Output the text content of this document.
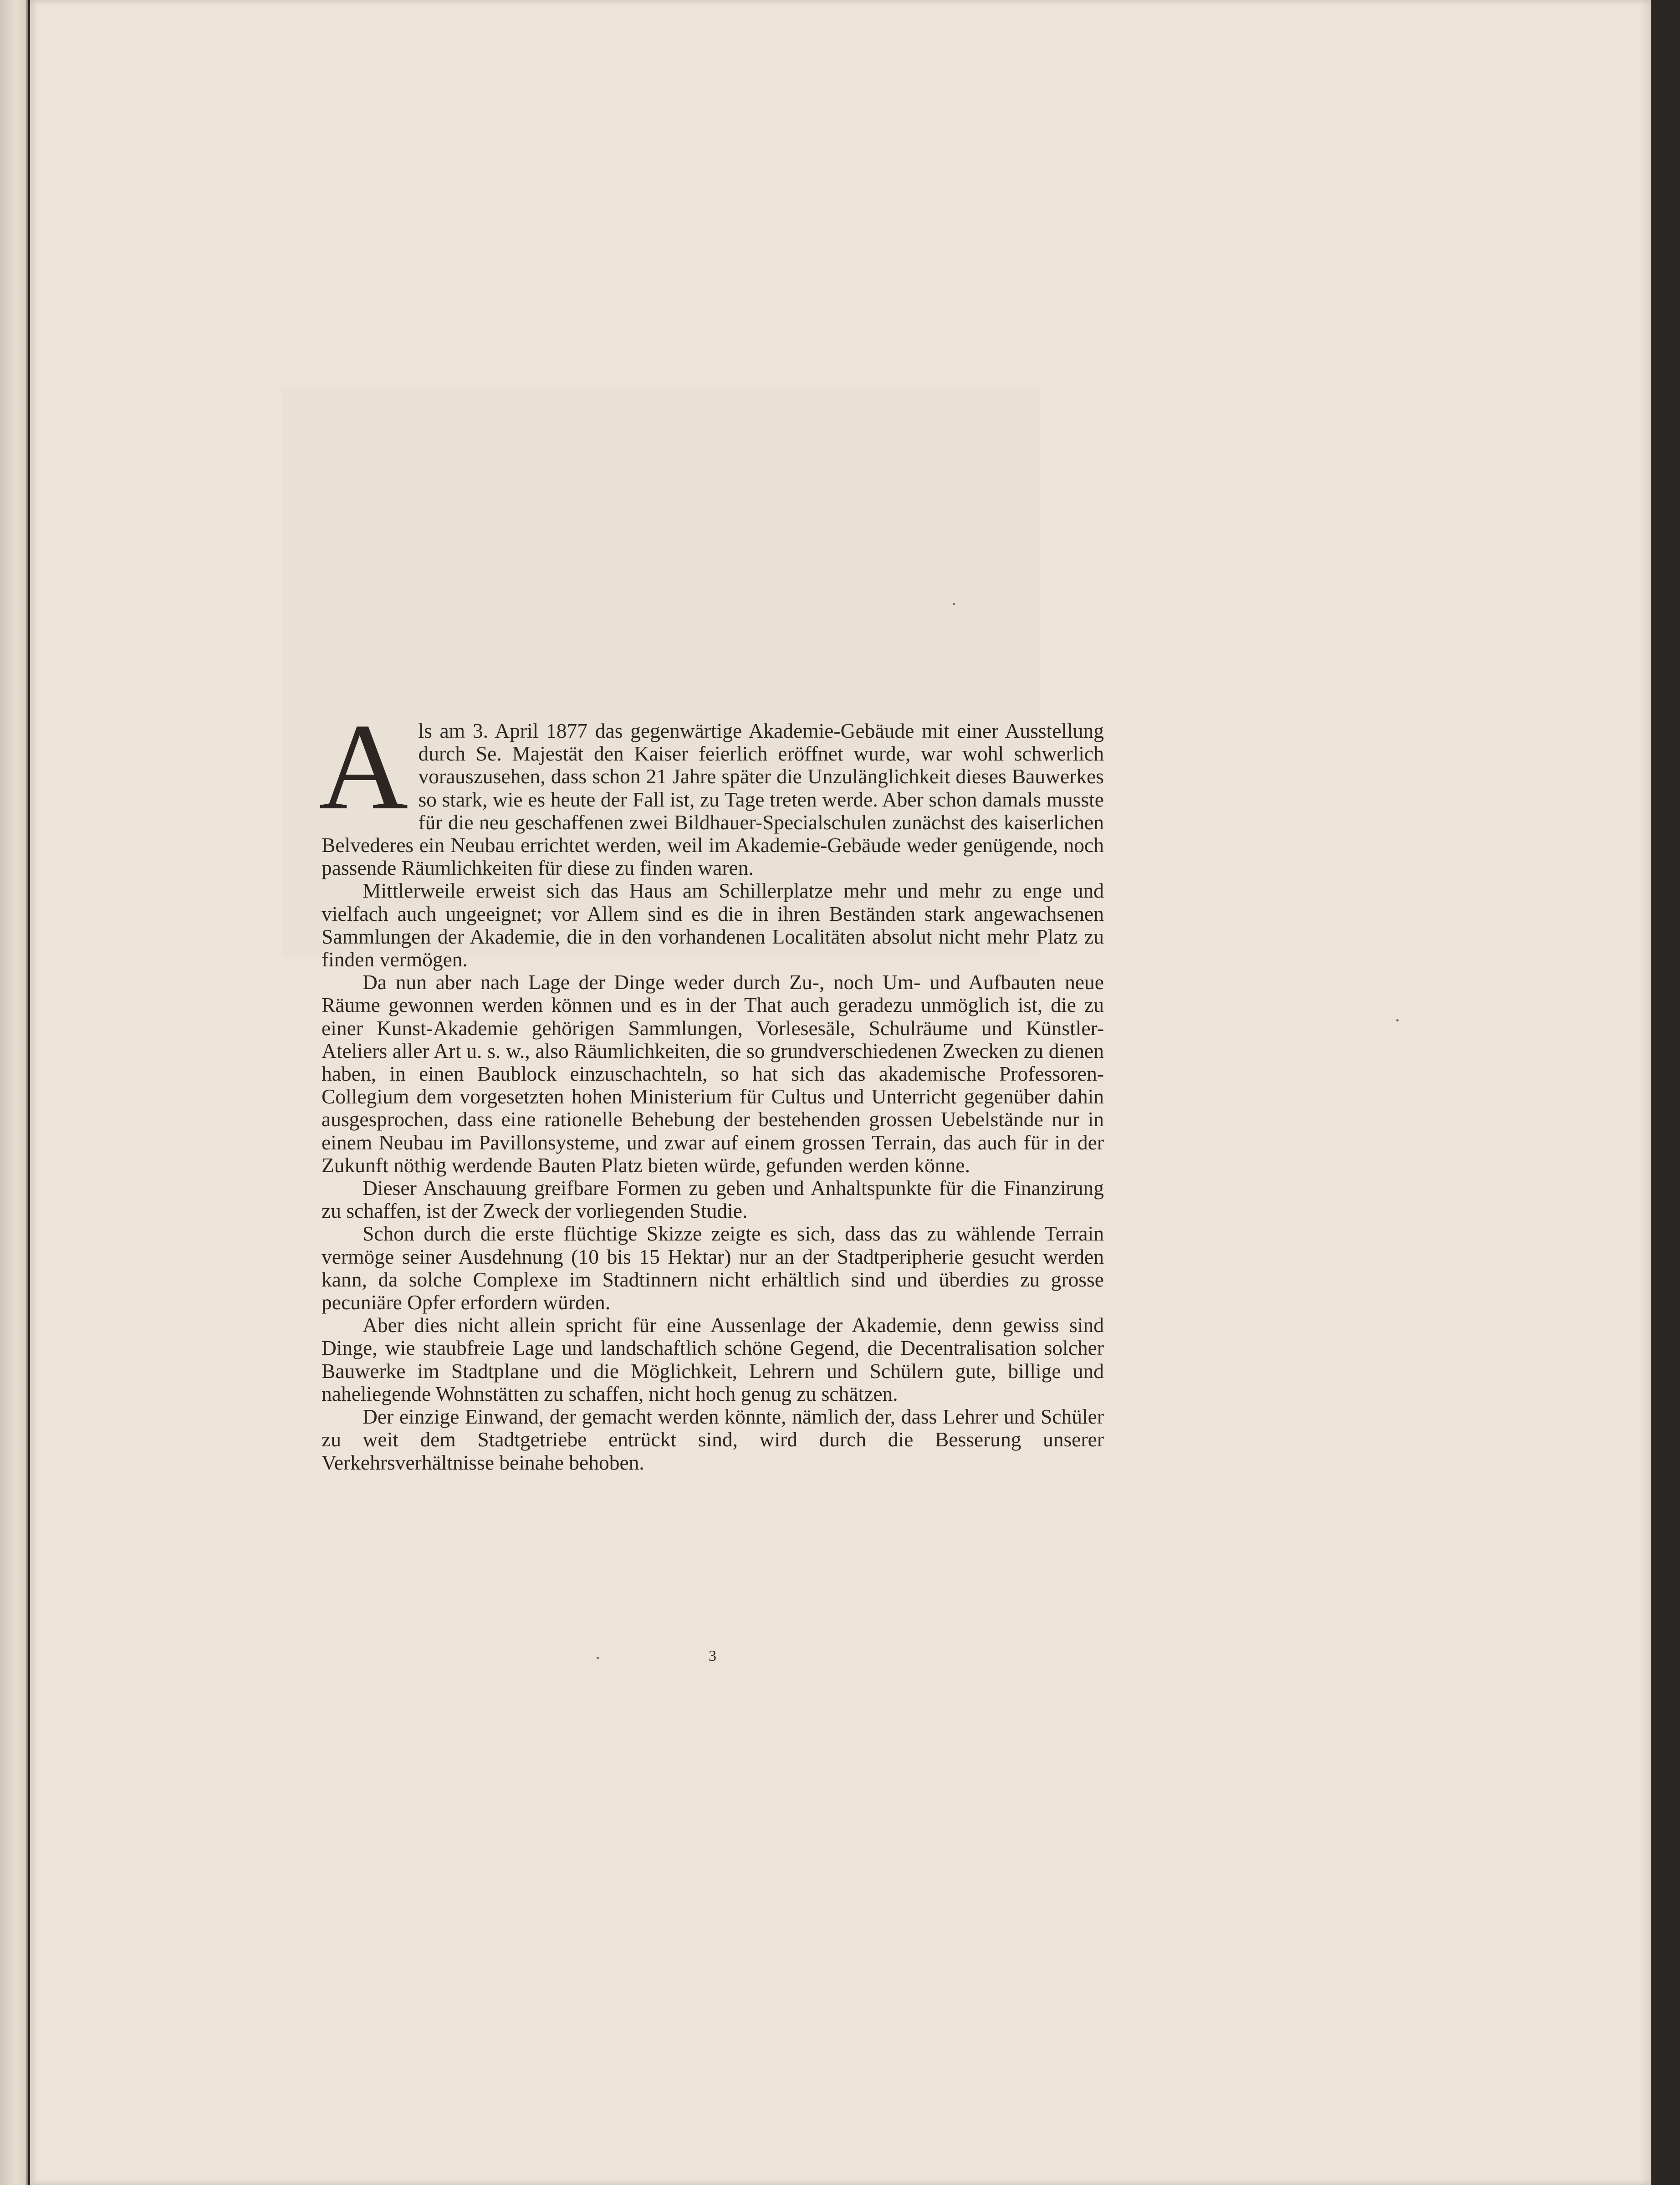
Als am 3. April 1877 das gegenwärtige Akademie-Gebäude mit einer Ausstellung durch Se. Majestät den Kaiser feierlich eröffnet wurde, war wohl schwerlich vorauszusehen, dass schon 21 Jahre später die Unzulänglichkeit dieses Bauwerkes so stark, wie es heute der Fall ist, zu Tage treten werde. Aber schon damals musste für die neu geschaffenen zwei Bildhauer-Specialschulen zunächst des kaiserlichen Belvederes ein Neubau errichtet werden, weil im Akademie-Gebäude weder genügende, noch passende Räumlichkeiten für diese zu finden waren.

Mittlerweile erweist sich das Haus am Schillerplatze mehr und mehr zu enge und vielfach auch ungeeignet; vor Allem sind es die in ihren Beständen stark angewachsenen Sammlungen der Akademie, die in den vorhandenen Localitäten absolut nicht mehr Platz zu finden vermögen.

Da nun aber nach Lage der Dinge weder durch Zu-, noch Um- und Aufbauten neue Räume gewonnen werden können und es in der That auch geradezu unmöglich ist, die zu einer Kunst-Akademie gehörigen Sammlungen, Vorlesesäle, Schulräume und Künstler-Ateliers aller Art u. s. w., also Räumlichkeiten, die so grundverschiedenen Zwecken zu dienen haben, in einen Baublock einzuschachteln, so hat sich das akademische Professoren-Collegium dem vorgesetzten hohen Ministerium für Cultus und Unterricht gegenüber dahin ausgesprochen, dass eine rationelle Behebung der bestehenden grossen Uebelstände nur in einem Neubau im Pavillonsysteme, und zwar auf einem grossen Terrain, das auch für in der Zukunft nöthig werdende Bauten Platz bieten würde, gefunden werden könne.

Dieser Anschauung greifbare Formen zu geben und Anhaltspunkte für die Finanzirung zu schaffen, ist der Zweck der vorliegenden Studie.

Schon durch die erste flüchtige Skizze zeigte es sich, dass das zu wählende Terrain vermöge seiner Ausdehnung (10 bis 15 Hektar) nur an der Stadtperipherie gesucht werden kann, da solche Complexe im Stadtinnern nicht erhältlich sind und überdies zu grosse pecuniäre Opfer erfordern würden.

Aber dies nicht allein spricht für eine Aussenlage der Akademie, denn gewiss sind Dinge, wie staubfreie Lage und landschaftlich schöne Gegend, die Decentralisation solcher Bauwerke im Stadtplane und die Möglichkeit, Lehrern und Schülern gute, billige und naheliegende Wohnstätten zu schaffen, nicht hoch genug zu schätzen.

Der einzige Einwand, der gemacht werden könnte, nämlich der, dass Lehrer und Schüler zu weit dem Stadtgetriebe entrückt sind, wird durch die Besserung unserer Verkehrsverhältnisse beinahe behoben.

3
